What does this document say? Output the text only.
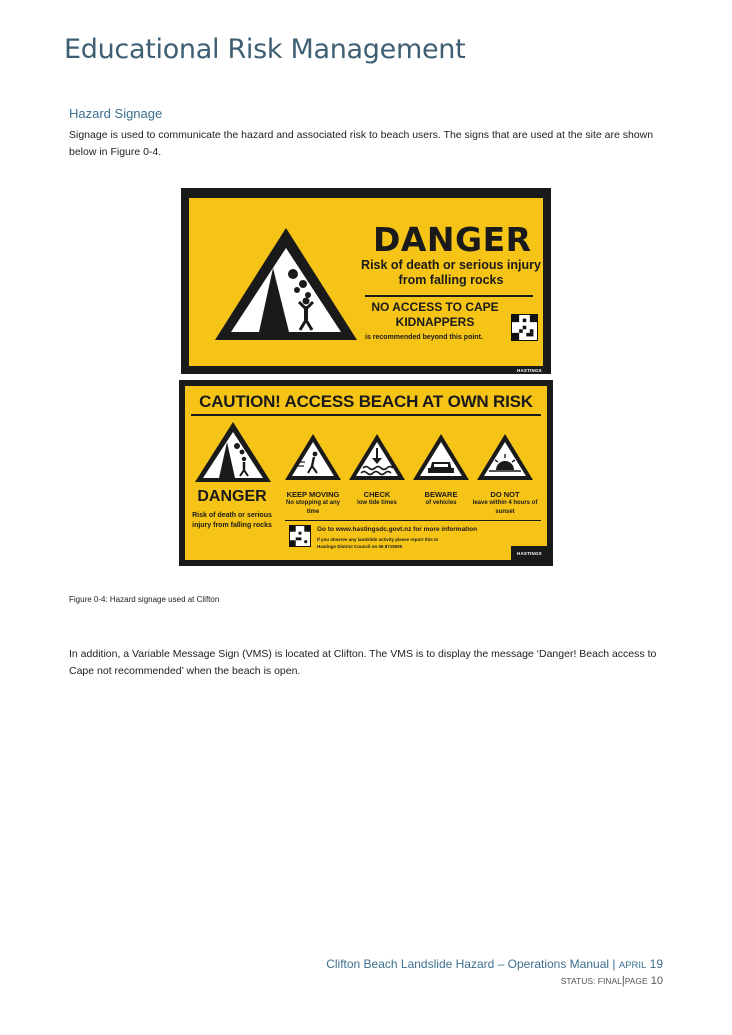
Educational Risk Management
Hazard Signage
Signage is used to communicate the hazard and associated risk to beach users. The signs that are used at the site are shown below in Figure 0-4.
DANGER
Risk of death or serious injury from falling rocks
NO ACCESS TO CAPE KIDNAPPERS
is recommended beyond this point.
HASTINGS
CAUTION! ACCESS BEACH AT OWN RISK
DANGER
Risk of death or serious injury from falling rocks
KEEP MOVING
No stopping at any time
CHECK
low tide times
BEWARE
of vehicles
DO NOT
leave within 4 hours of sunset
Go to www.hastingsdc.govt.nz for more information
If you observe any landslide activity please report this to
Hastings District Council on 06 8715000
HASTINGS
Figure 0-4: Hazard signage used at Clifton
In addition, a Variable Message Sign (VMS) is located at Clifton. The VMS is to display the message ‘Danger! Beach access to Cape not recommended’ when the beach is open.
Clifton Beach Landslide Hazard – Operations Manual | APRIL 19
STATUS: FINAL|PAGE 10
